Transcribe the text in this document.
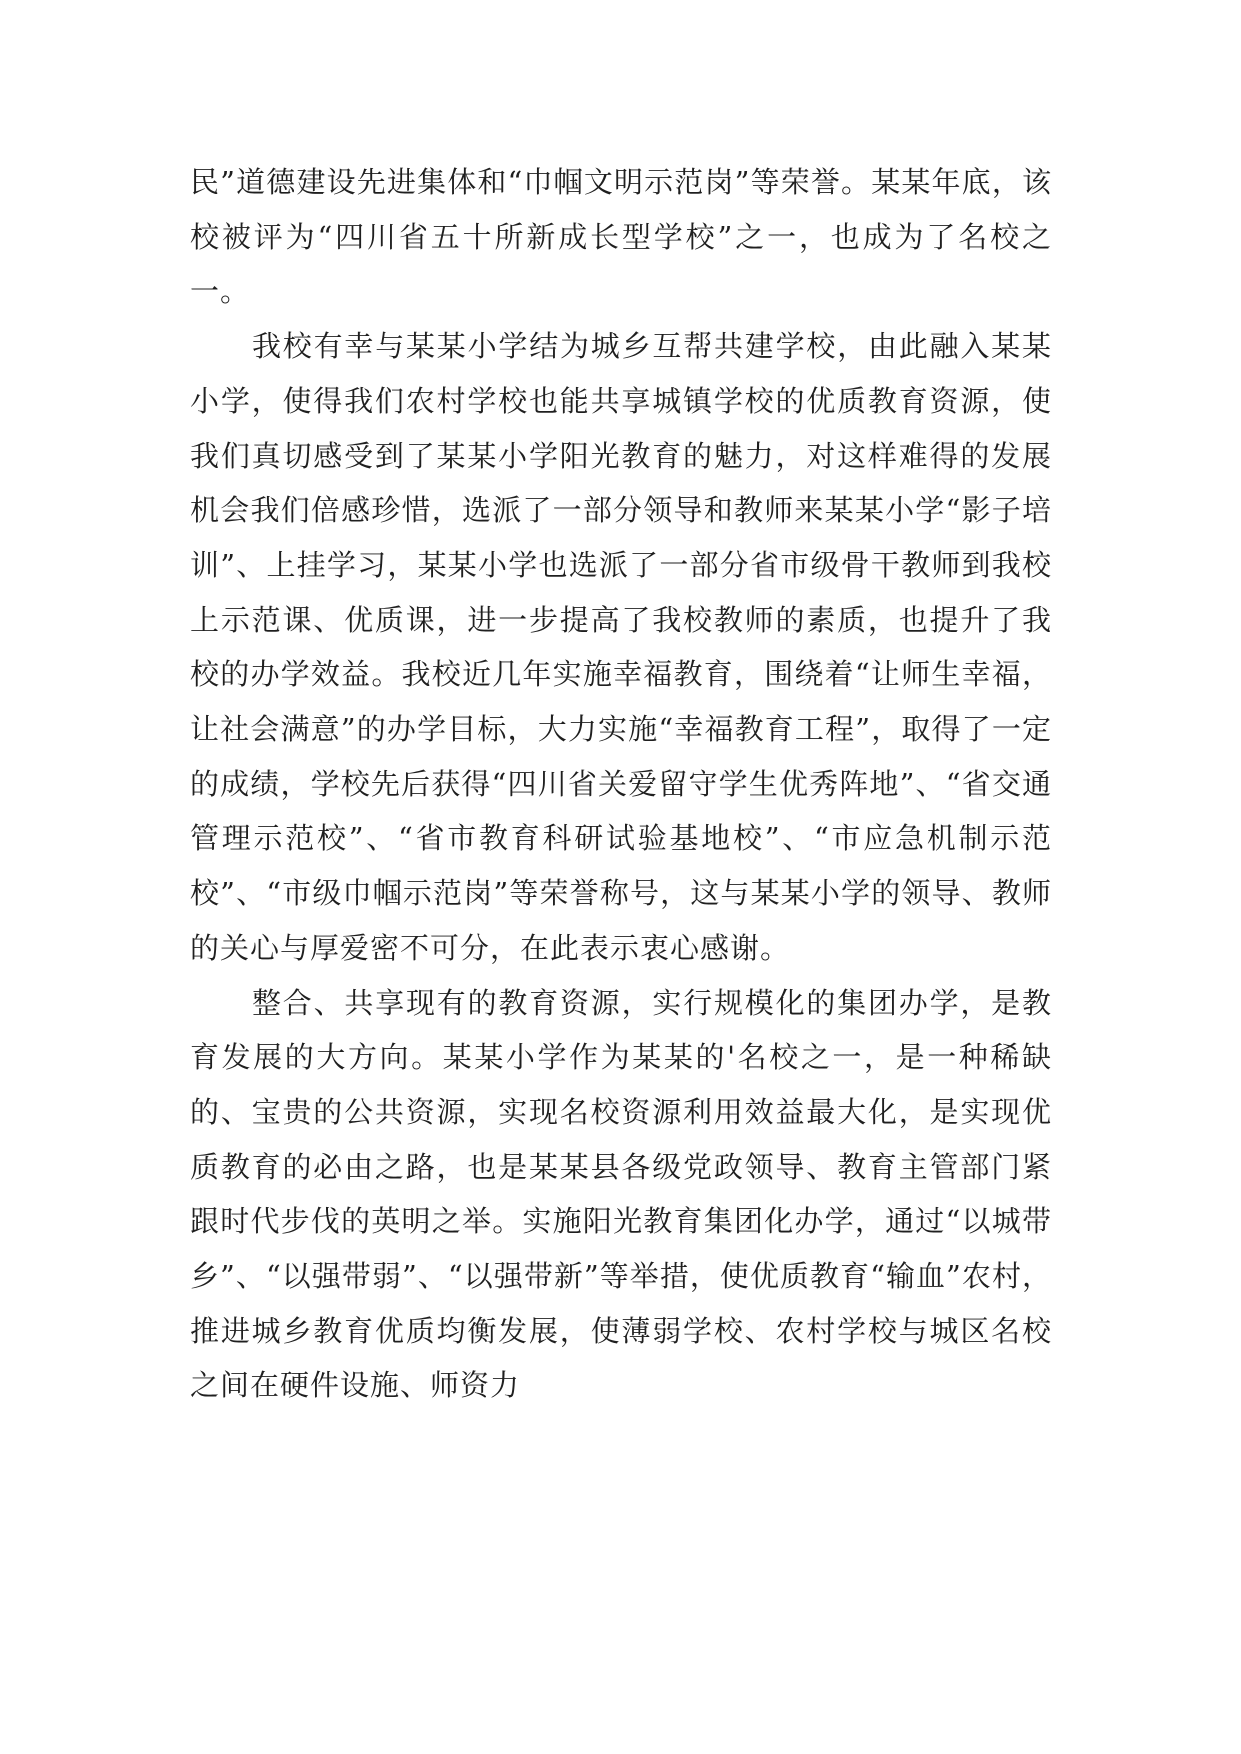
民”道德建设先进集体和“巾帼文明示范岗”等荣誉。某某年底，该校被评为“四川省五十所新成长型学校”之一，也成为了名校之一。

我校有幸与某某小学结为城乡互帮共建学校，由此融入某某小学，使得我们农村学校也能共享城镇学校的优质教育资源，使我们真切感受到了某某小学阳光教育的魅力，对这样难得的发展机会我们倍感珍惜，选派了一部分领导和教师来某某小学“影子培训”、上挂学习，某某小学也选派了一部分省市级骨干教师到我校上示范课、优质课，进一步提高了我校教师的素质，也提升了我校的办学效益。我校近几年实施幸福教育，围绕着“让师生幸福，让社会满意”的办学目标，大力实施“幸福教育工程”，取得了一定的成绩，学校先后获得“四川省关爱留守学生优秀阵地”、“省交通管理示范校”、“省市教育科研试验基地校”、“市应急机制示范校”、“市级巾帼示范岗”等荣誉称号，这与某某小学的领导、教师的关心与厚爱密不可分，在此表示衷心感谢。

整合、共享现有的教育资源，实行规模化的集团办学，是教育发展的大方向。某某小学作为某某的'名校之一，是一种稀缺的、宝贵的公共资源，实现名校资源利用效益最大化，是实现优质教育的必由之路，也是某某县各级党政领导、教育主管部门紧跟时代步伐的英明之举。实施阳光教育集团化办学，通过“以城带乡”、“以强带弱”、“以强带新”等举措，使优质教育“输血”农村，推进城乡教育优质均衡发展，使薄弱学校、农村学校与城区名校之间在硬件设施、师资力
